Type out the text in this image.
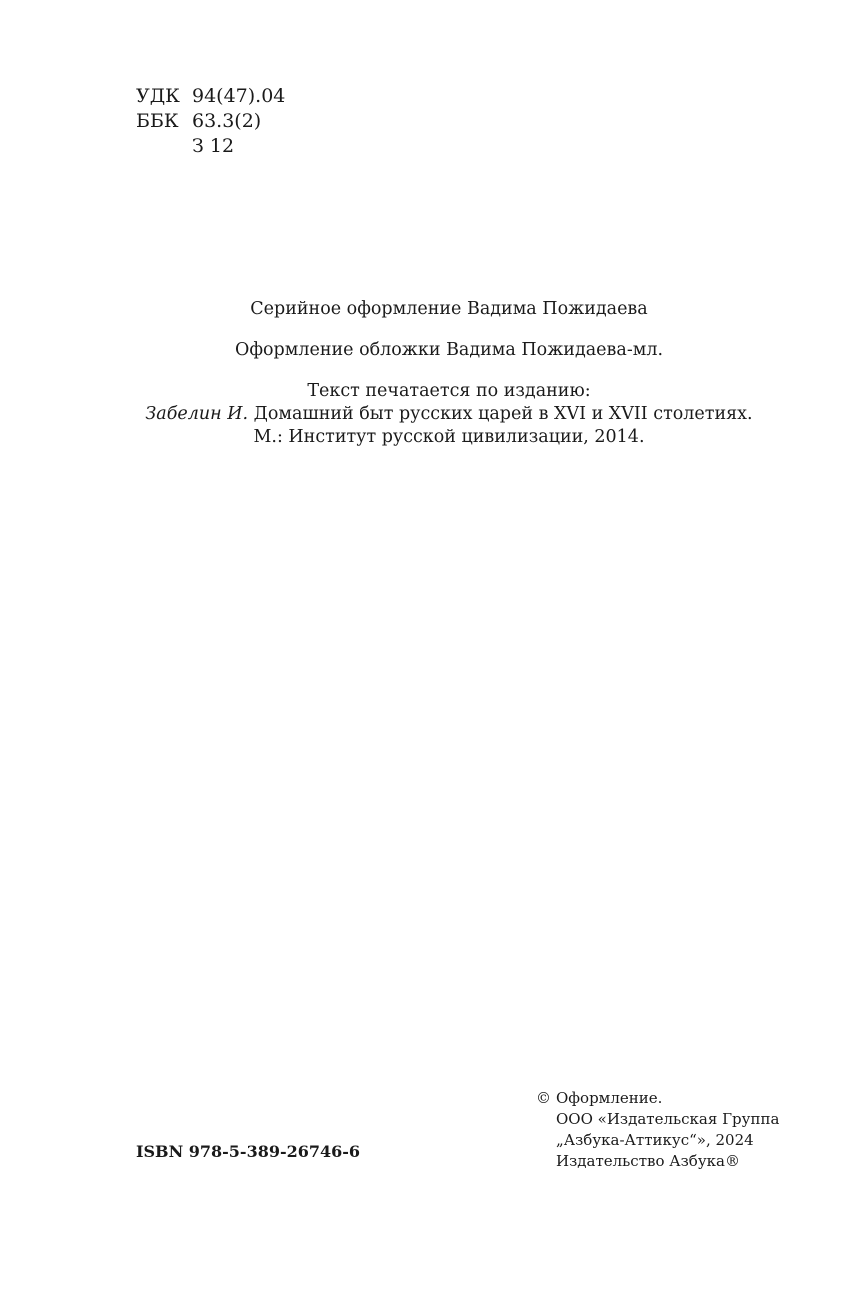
УДК 94(47).04
ББК 63.3(2)
З 12
Серийное оформление Вадима Пожидаева
Оформление обложки Вадима Пожидаева-мл.
Текст печатается по изданию:
Забелин И. Домашний быт русских царей в XVI и XVII столетиях.
М.: Институт русской цивилизации, 2014.
ISBN 978-5-389-26746-6
© Оформление.
ООО «Издательская Группа
„Азбука-Аттикус“», 2024
Издательство Азбука®
